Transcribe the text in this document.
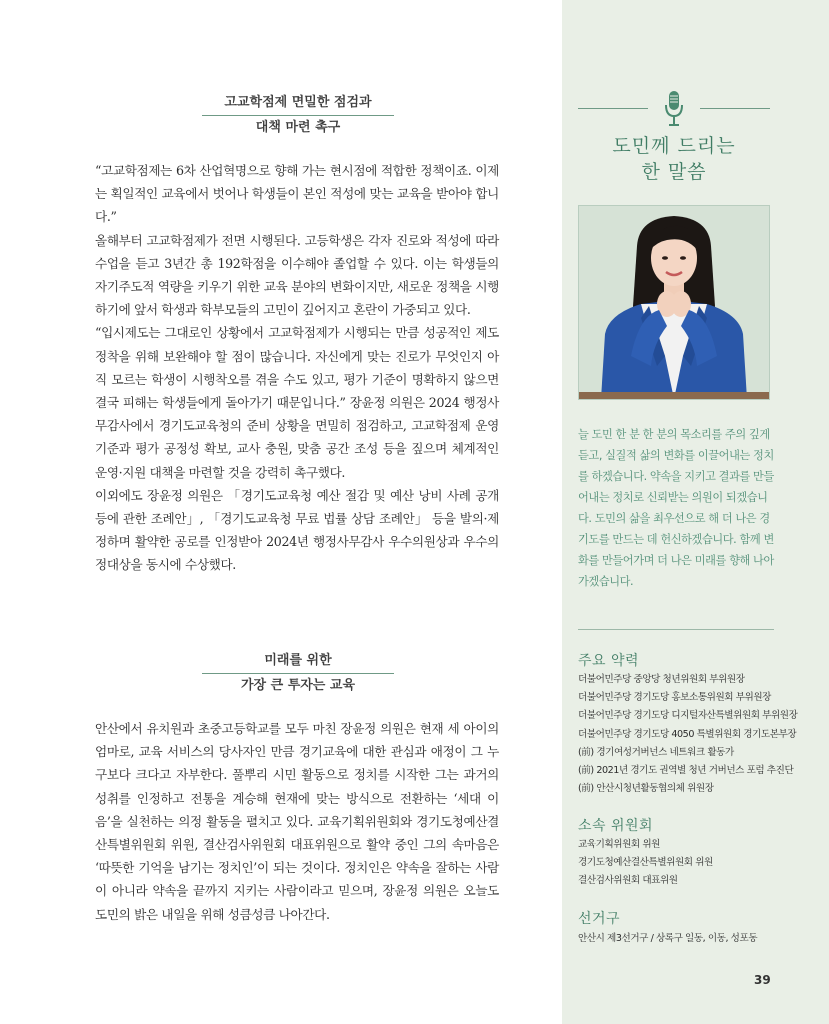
고교학점제 면밀한 점검과
대책 마련 촉구

“고교학점제는 6차 산업혁명으로 향해 가는 현시점에 적합한 정책이죠. 이제는 획일적인 교육에서 벗어나 학생들이 본인 적성에 맞는 교육을 받아야 합니다.”

올해부터 고교학점제가 전면 시행된다. 고등학생은 각자 진로와 적성에 따라 수업을 듣고 3년간 총 192학점을 이수해야 졸업할 수 있다. 이는 학생들의 자기주도적 역량을 키우기 위한 교육 분야의 변화이지만, 새로운 정책을 시행하기에 앞서 학생과 학부모들의 고민이 깊어지고 혼란이 가중되고 있다.

“입시제도는 그대로인 상황에서 고교학점제가 시행되는 만큼 성공적인 제도 정착을 위해 보완해야 할 점이 많습니다. 자신에게 맞는 진로가 무엇인지 아직 모르는 학생이 시행착오를 겪을 수도 있고, 평가 기준이 명확하지 않으면 결국 피해는 학생들에게 돌아가기 때문입니다.” 장윤정 의원은 2024 행정사무감사에서 경기도교육청의 준비 상황을 면밀히 점검하고, 고교학점제 운영 기준과 평가 공정성 확보, 교사 충원, 맞춤 공간 조성 등을 짚으며 체계적인 운영·지원 대책을 마련할 것을 강력히 촉구했다.

이외에도 장윤정 의원은 「경기도교육청 예산 절감 및 예산 낭비 사례 공개 등에 관한 조례안」, 「경기도교육청 무료 법률 상담 조례안」 등을 발의·제정하며 활약한 공로를 인정받아 2024년 행정사무감사 우수의원상과 우수의정대상을 동시에 수상했다.

미래를 위한
가장 큰 투자는 교육

안산에서 유치원과 초중고등학교를 모두 마친 장윤정 의원은 현재 세 아이의 엄마로, 교육 서비스의 당사자인 만큼 경기교육에 대한 관심과 애정이 그 누구보다 크다고 자부한다. 풀뿌리 시민 활동으로 정치를 시작한 그는 과거의 성취를 인정하고 전통을 계승해 현재에 맞는 방식으로 전환하는 ‘세대 이음’을 실천하는 의정 활동을 펼치고 있다. 교육기획위원회와 경기도청예산결산특별위원회 위원, 결산검사위원회 대표위원으로 활약 중인 그의 속마음은 ‘따뜻한 기억을 남기는 정치인’이 되는 것이다. 정치인은 약속을 잘하는 사람이 아니라 약속을 끝까지 지키는 사람이라고 믿으며, 장윤정 의원은 오늘도 도민의 밝은 내일을 위해 성큼성큼 나아간다.

도민께 드리는
한 말씀
늘 도민 한 분 한 분의 목소리를 주의 깊게 듣고, 실질적 삶의 변화를 이끌어내는 정치를 하겠습니다. 약속을 지키고 결과를 만들어내는 정치로 신뢰받는 의원이 되겠습니다. 도민의 삶을 최우선으로 해 더 나은 경기도를 만드는 데 헌신하겠습니다. 함께 변화를 만들어가며 더 나은 미래를 향해 나아가겠습니다.
주요 약력
더불어민주당 중앙당 청년위원회 부위원장
더불어민주당 경기도당 홍보소통위원회 부위원장
더불어민주당 경기도당 디지털자산특별위원회 부위원장
더불어민주당 경기도당 4050 특별위원회 경기도본부장
(前) 경기여성거버넌스 네트워크 활동가
(前) 2021년 경기도 권역별 청년 거버넌스 포럼 추진단
(前) 안산시청년활동협의체 위원장
소속 위원회
교육기획위원회 위원
경기도청예산결산특별위원회 위원
결산검사위원회 대표위원
선거구
안산시 제3선거구 / 상록구 일동, 이동, 성포동
39
